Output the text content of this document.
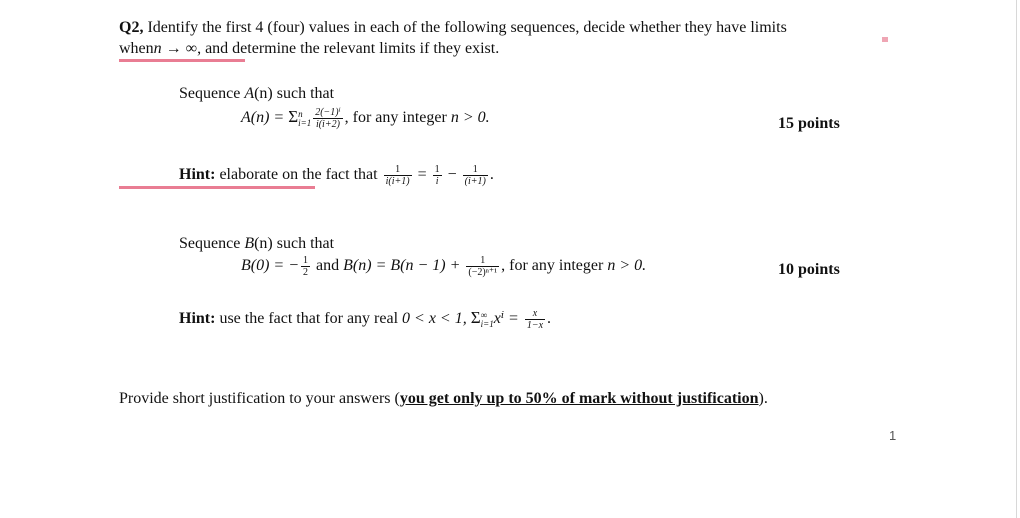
Q2, Identify the first 4 (four) values in each of the following sequences, decide whether they have limits
whenn → ∞, and determine the relevant limits if they exist.
Sequence A(n) such that
A(n) = Σ n
$i=1 \frac{\text{2(−1)ⁱ}}{i(i+2)}$ , for any integer n > 0.	15 points
Hint: elaborate on the fact that $\frac{1}{i(i+1)} = \frac{1}{i} - \frac{1}{(i+1)}$ .
Sequence B(n) such that
B(0) = − $\frac{1}{2}$ and $B(n) = B(n - 1) + \frac{1}{\text{(−2)ⁿ⁺¹}}$ , for any integer n > 0.	10 points
Hint: use the fact that for any real 0 < x < 1, Σ ∞
i=1 $x^i = \frac{x}{1-x}$ .
Provide short justification to your answers (you get only up to 50% of mark without justification).
1
